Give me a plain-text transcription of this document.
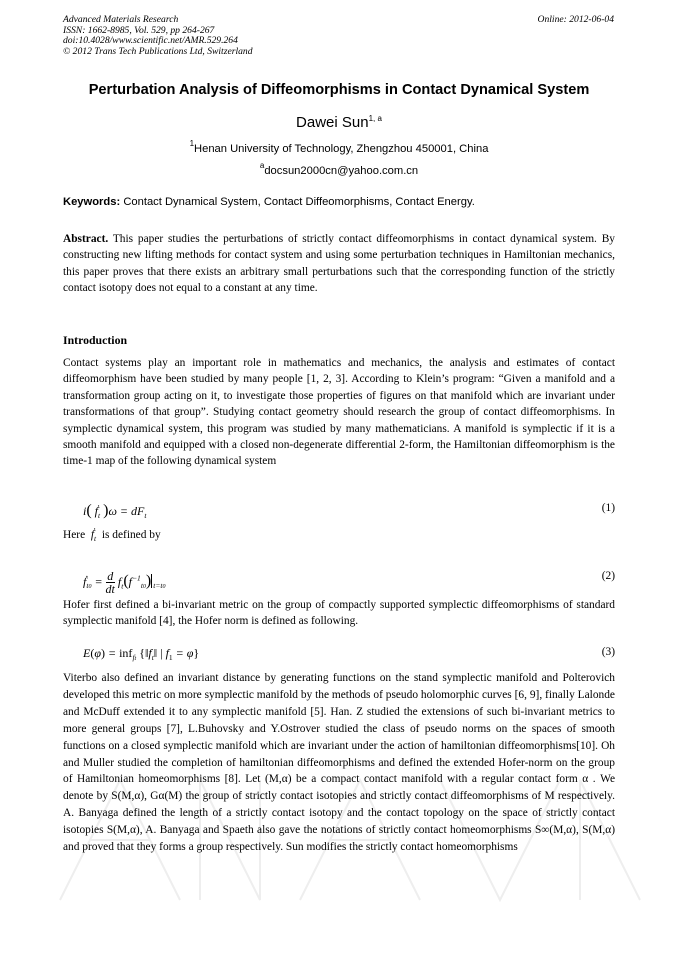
Advanced Materials Research
ISSN: 1662-8985, Vol. 529, pp 264-267
doi:10.4028/www.scientific.net/AMR.529.264
© 2012 Trans Tech Publications Ltd, Switzerland
Online: 2012-06-04
Perturbation Analysis of Diffeomorphisms in Contact Dynamical System
Dawei Sun$^{1, a}$
$^1$Henan University of Technology, Zhengzhou 450001, China
$^a$docsun2000cn@yahoo.com.cn
Keywords: Contact Dynamical System, Contact Diffeomorphisms, Contact Energy.
Abstract. This paper studies the perturbations of strictly contact diffeomorphisms in contact dynamical system. By constructing new lifting methods for contact system and using some perturbation techniques in Hamiltonian mechanics, this paper proves that there exists an arbitrary small perturbations such that the corresponding function of the strictly contact isotopy does not equal to a constant at any time.
Introduction
Contact systems play an important role in mathematics and mechanics, the analysis and estimates of contact diffeomorphism have been studied by many people [1, 2, 3]. According to Klein’s program: “Given a manifold and a transformation group acting on it, to investigate those properties of figures on that manifold which are invariant under transformations of that group”. Studying contact geometry should research the group of contact diffeomorphisms. In symplectic dynamical system, this program was studied by many mathematicians. A manifold is symplectic if it is a smooth manifold and equipped with a closed non-degenerate differential 2-form, the Hamiltonian diffeomorphism is the time-1 map of the following dynamical system
i( ḟ$_t$ )$\omega = dF_t$
(1)
Here  ḟ$_t$ is defined by
ḟ$_{t0}$ = $\frac{d}{dt} f_t(f^{-1}_{t0})$ $_{t=t0}$
(2)
Hofer first defined a bi-invariant metric on the group of compactly supported symplectic diffeomorphisms of standard symplectic manifold [4], the Hofer norm is defined as following.
E(φ) = inf$_{ft}$ {$‖f_t‖$ | $f_1 = \varphi$}	(3)
Viterbo also defined an invariant distance by generating functions on the stand symplectic manifold and Polterovich developed this metric on more symplectic manifold by the methods of pseudo holomorphic curves [6, 9], finally Lalonde and McDuff extended it to any symplectic manifold [5]. Han. Z studied the extensions of such bi-invariant metrics to more general groups [7], L.Buhovsky and Y.Ostrover studied the class of pseudo norms on the spaces of smooth functions on a closed symplectic manifold which are invariant under the action of hamiltonian diffeomorphisms[10]. Oh and Muller studied the completion of hamiltonian diffeomorphisms and defined the extended Hofer-norm on the group of Hamiltonian homeomorphisms [8]. Let (M,α) be a compact contact manifold with a regular contact form α . We denote by S(M,α), Gα(M) the group of strictly contact isotopies and strictly contact diffeomorphisms of M respectively. A. Banyaga defined the length of a strictly contact isotopy and the contact topology on the space of strictly contact isotopies S(M,α), A. Banyaga and Spaeth also gave the notations of strictly contact homeomorphisms S∞(M,α), S(M,α) and proved that they forms a group respectively. Sun modifies the strictly contact homeomorphisms
